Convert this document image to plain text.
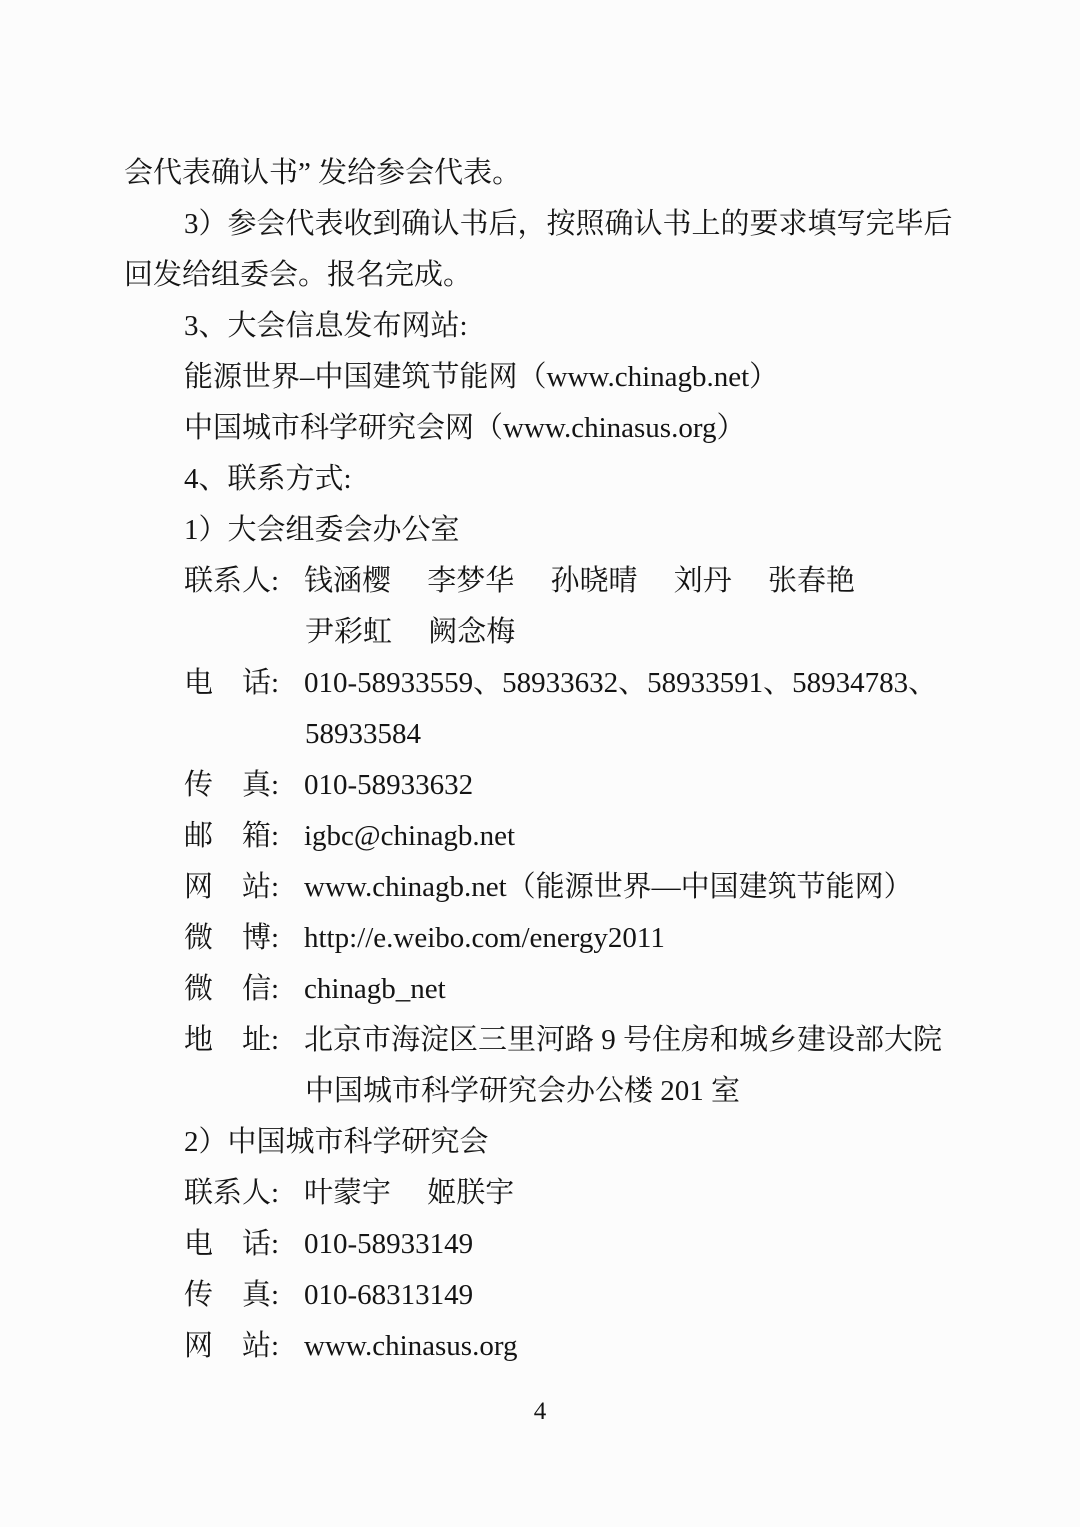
会代表确认书” 发给参会代表。
3）参会代表收到确认书后，按照确认书上的要求填写完毕后
回发给组委会。报名完成。
3、大会信息发布网站:
能源世界–中国建筑节能网（www.chinagb.net）
中国城市科学研究会网（www.chinasus.org）
4、联系方式:
1）大会组委会办公室
联系人: 钱涵樱　 李梦华　 孙晓晴　 刘丹　 张春艳
尹彩虹　 阙念梅
电　话: 010-58933559、58933632、58933591、58934783、
58933584
传　真: 010-58933632
邮　箱: igbc@chinagb.net
网　站: www.chinagb.net（能源世界—中国建筑节能网）
微　博: http://e.weibo.com/energy2011
微　信: chinagb_net
地　址: 北京市海淀区三里河路 9 号住房和城乡建设部大院
中国城市科学研究会办公楼 201 室
2）中国城市科学研究会
联系人: 叶蒙宇　 姬朕宇
电　话: 010-58933149
传　真: 010-68313149
网　站: www.chinasus.org
4
